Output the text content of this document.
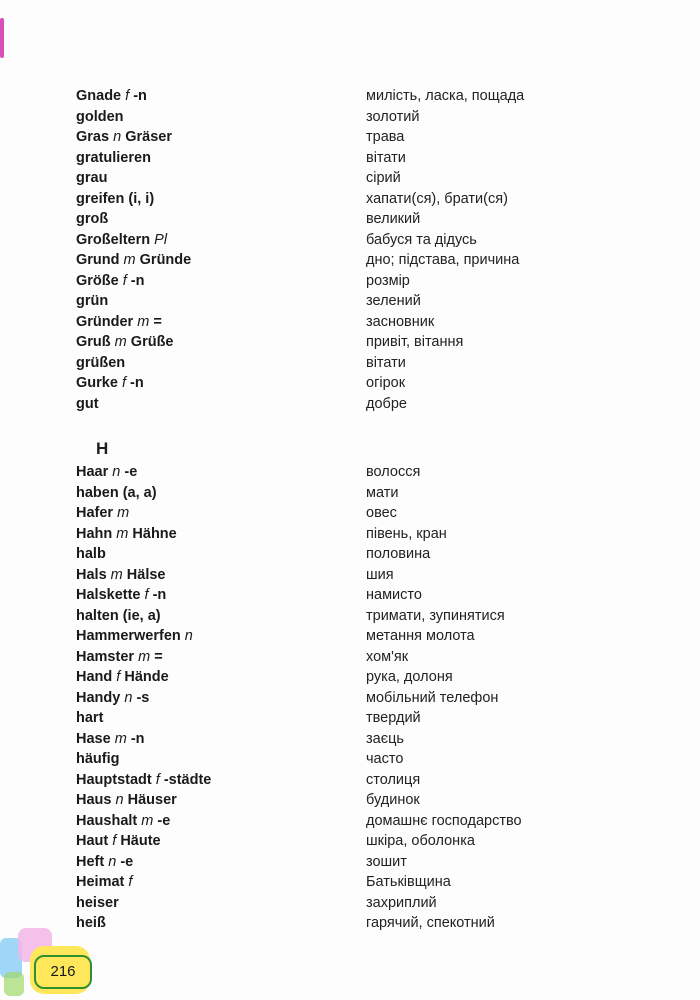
Gnade f -n	милість, ласка, пощада
golden	золотий
Gras n Gräser	трава
gratulieren	вітати
grau	сірий
greifen (i, i)	хапати(ся), брати(ся)
groß	великий
Großeltern Pl	бабуся та дідусь
Grund m Gründe	дно; підстава, причина
Größe f -n	розмір
grün	зелений
Gründer m =	засновник
Gruß m Grüße	привіт, вітання
grüßen	вітати
Gurke f -n	огірок
gut	добре
H
Haar n -e	волосся
haben (a, a)	мати
Hafer m	овес
Hahn m Hähne	півень, кран
halb	половина
Hals m Hälse	шия
Halskette f -n	намисто
halten (ie, a)	тримати, зупинятися
Hammerwerfen n	метання молота
Hamster m =	хом'як
Hand f Hände	рука, долоня
Handy n -s	мобільний телефон
hart	твердий
Hase m -n	заєць
häufig	часто
Hauptstadt f -städte	столиця
Haus n Häuser	будинок
Haushalt m -e	домашнє господарство
Haut f Häute	шкіра, оболонка
Heft n -e	зошит
Heimat f	Батьківщина
heiser	захриплий
heiß	гарячий, спекотний
216
